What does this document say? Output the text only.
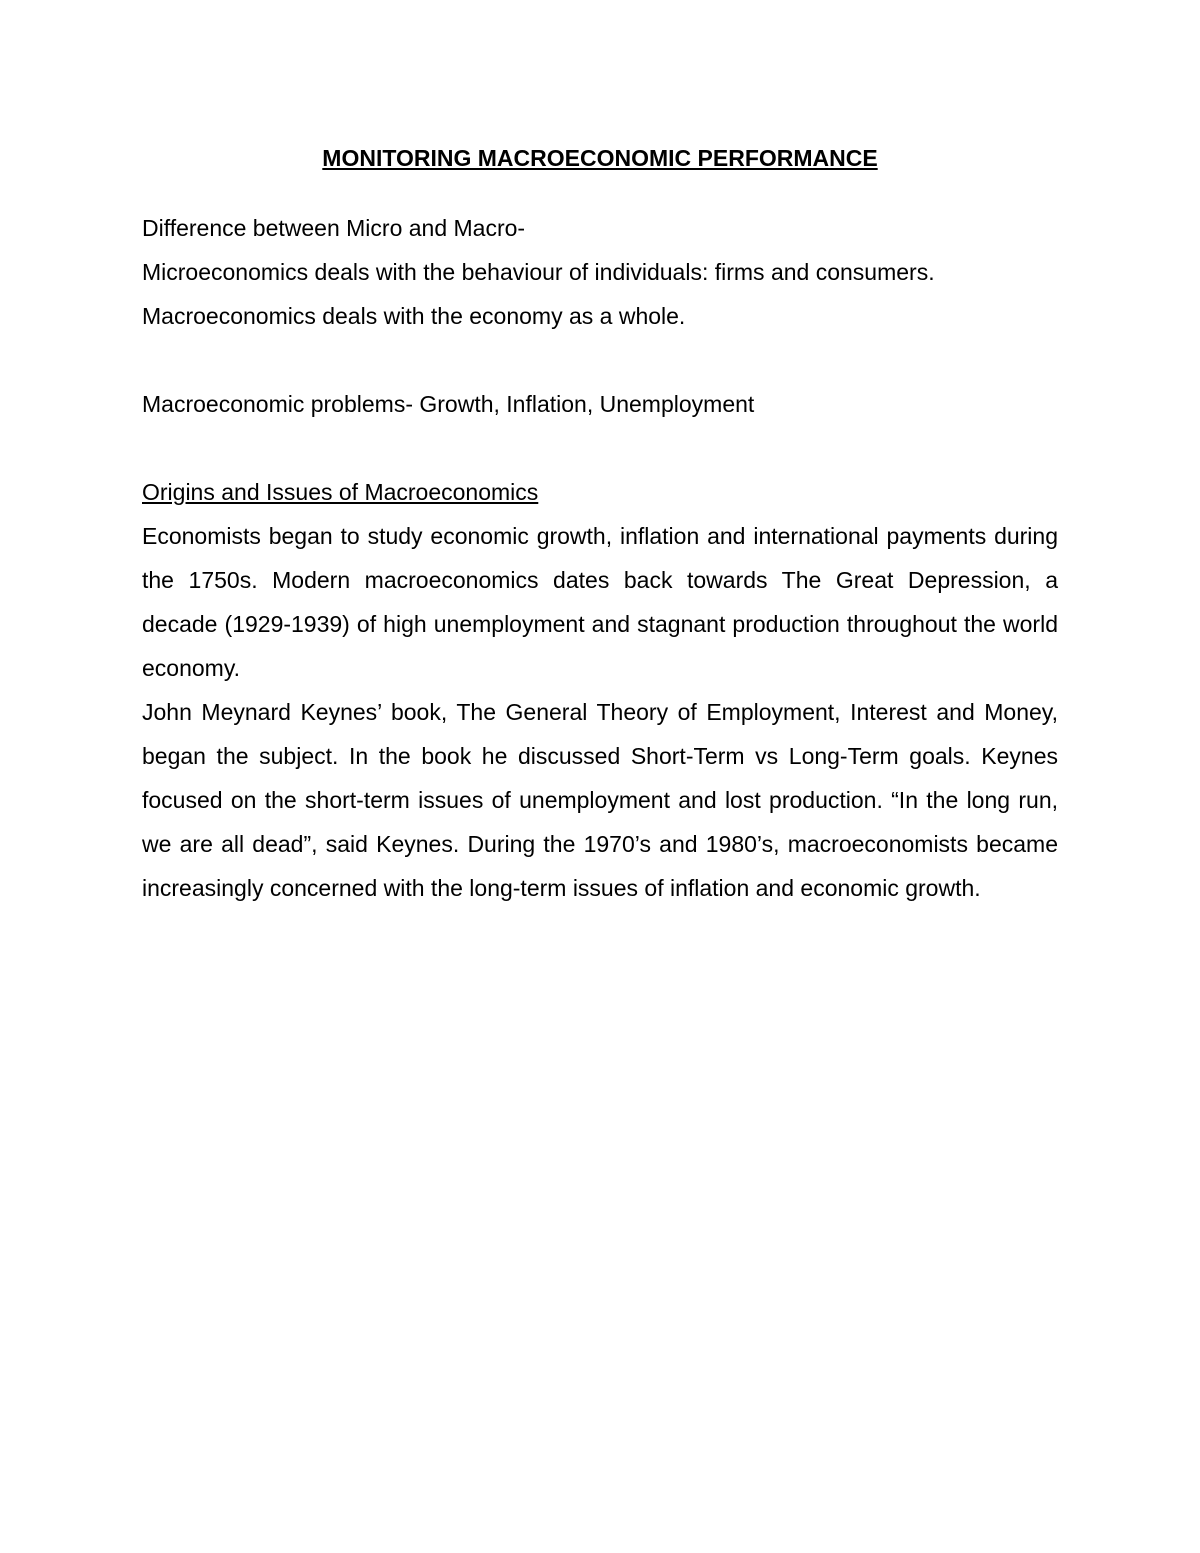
MONITORING MACROECONOMIC PERFORMANCE

Difference between Micro and Macro-

Microeconomics deals with the behaviour of individuals: firms and consumers.

Macroeconomics deals with the economy as a whole.

Macroeconomic problems- Growth, Inflation, Unemployment

Origins and Issues of Macroeconomics

Economists began to study economic growth, inflation and international payments during the 1750s. Modern macroeconomics dates back towards The Great Depression, a decade (1929-1939) of high unemployment and stagnant production throughout the world economy.

John Meynard Keynes’ book, The General Theory of Employment, Interest and Money, began the subject. In the book he discussed Short-Term vs Long-Term goals. Keynes focused on the short-term issues of unemployment and lost production. “In the long run, we are all dead”, said Keynes. During the 1970’s and 1980’s, macroeconomists became increasingly concerned with the long-term issues of inflation and economic growth.
